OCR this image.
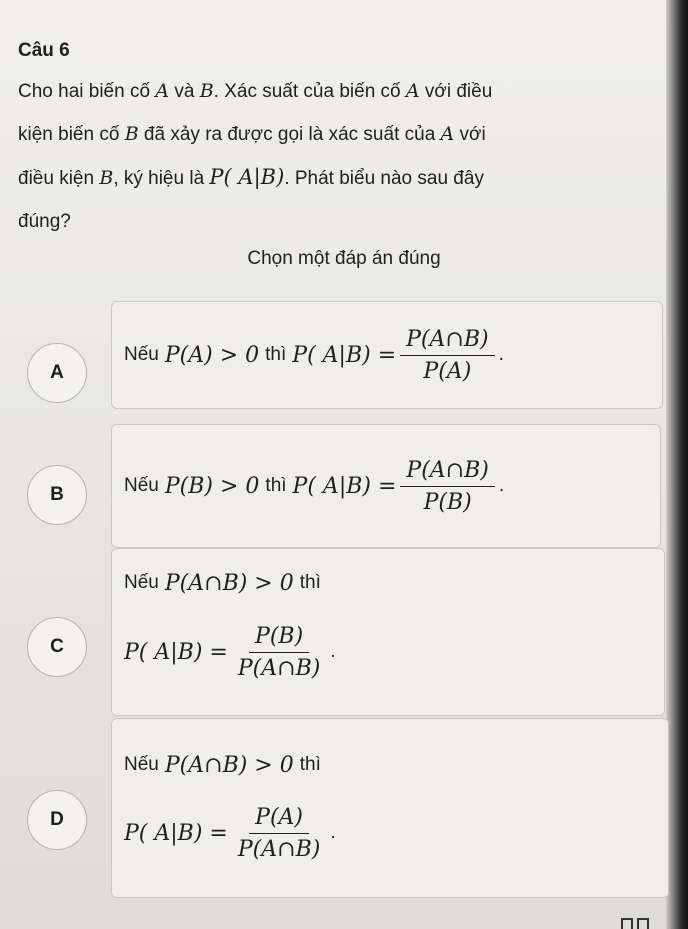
Câu 6
Cho hai biến cố A và B. Xác suất của biến cố A với điều
kiện biến cố B đã xảy ra được gọi là xác suất của A với
điều kiện B, ký hiệu là P( A|B). Phát biểu nào sau đây
đúng?
Chọn một đáp án đúng
A
Nếu P(A) > 0 thì P( $A|B) = \frac{P(A\cap B)}{P(A)}$ .
B	Nếu P(B) > 0 thì P( $A|B) = \frac{P(A\cap B)}{P(B)}$ .
C
Nếu P(A∩B) > 0 thì
P( $A|B) = \frac{P(B)}{P(A\cap B)}$ .
D
Nếu P(A∩B) > 0 thì
P( $A|B) = \frac{P(A)}{P(A\cap B)}$ .
